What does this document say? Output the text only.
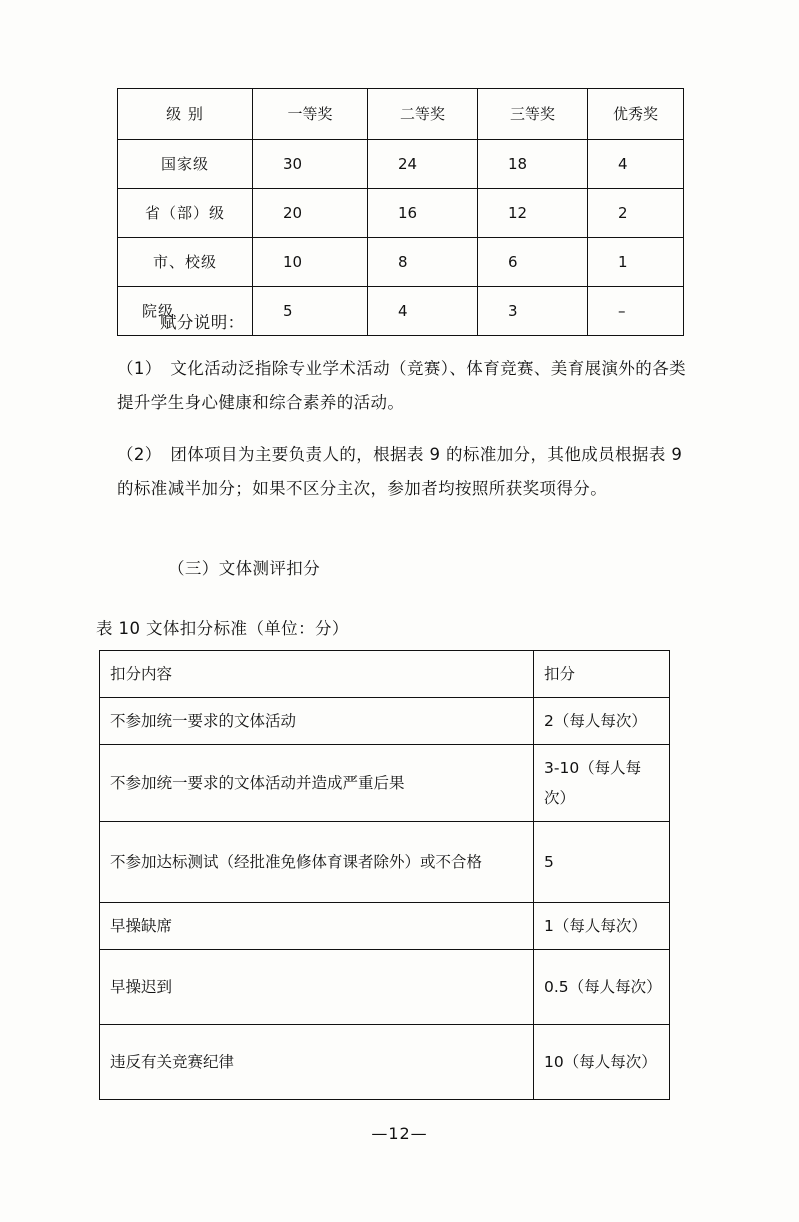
级 别	一等奖	二等奖	三等奖	优秀奖
国家级	30	24	18	4
省（部）级	20	16	12	2
市、校级	10	8	6	1
院级	5	4	3	–
赋分说明：
（1）　文化活动泛指除专业学术活动（竞赛）、体育竞赛、美育展演外的各类提升学生身心健康和综合素养的活动。
（2）　团体项目为主要负责人的，根据表 9 的标准加分，其他成员根据表 9 的标准减半加分；如果不区分主次，参加者均按照所获奖项得分。
（三）文体测评扣分
表 10 文体扣分标准（单位：分）
扣分内容	扣分
不参加统一要求的文体活动	2（每人每次）
不参加统一要求的文体活动并造成严重后果	3-10（每人每次）
不参加达标测试（经批准免修体育课者除外）或不合格	5
早操缺席	1（每人每次）
早操迟到	0.5（每人每次）
违反有关竞赛纪律	10（每人每次）
—12—
